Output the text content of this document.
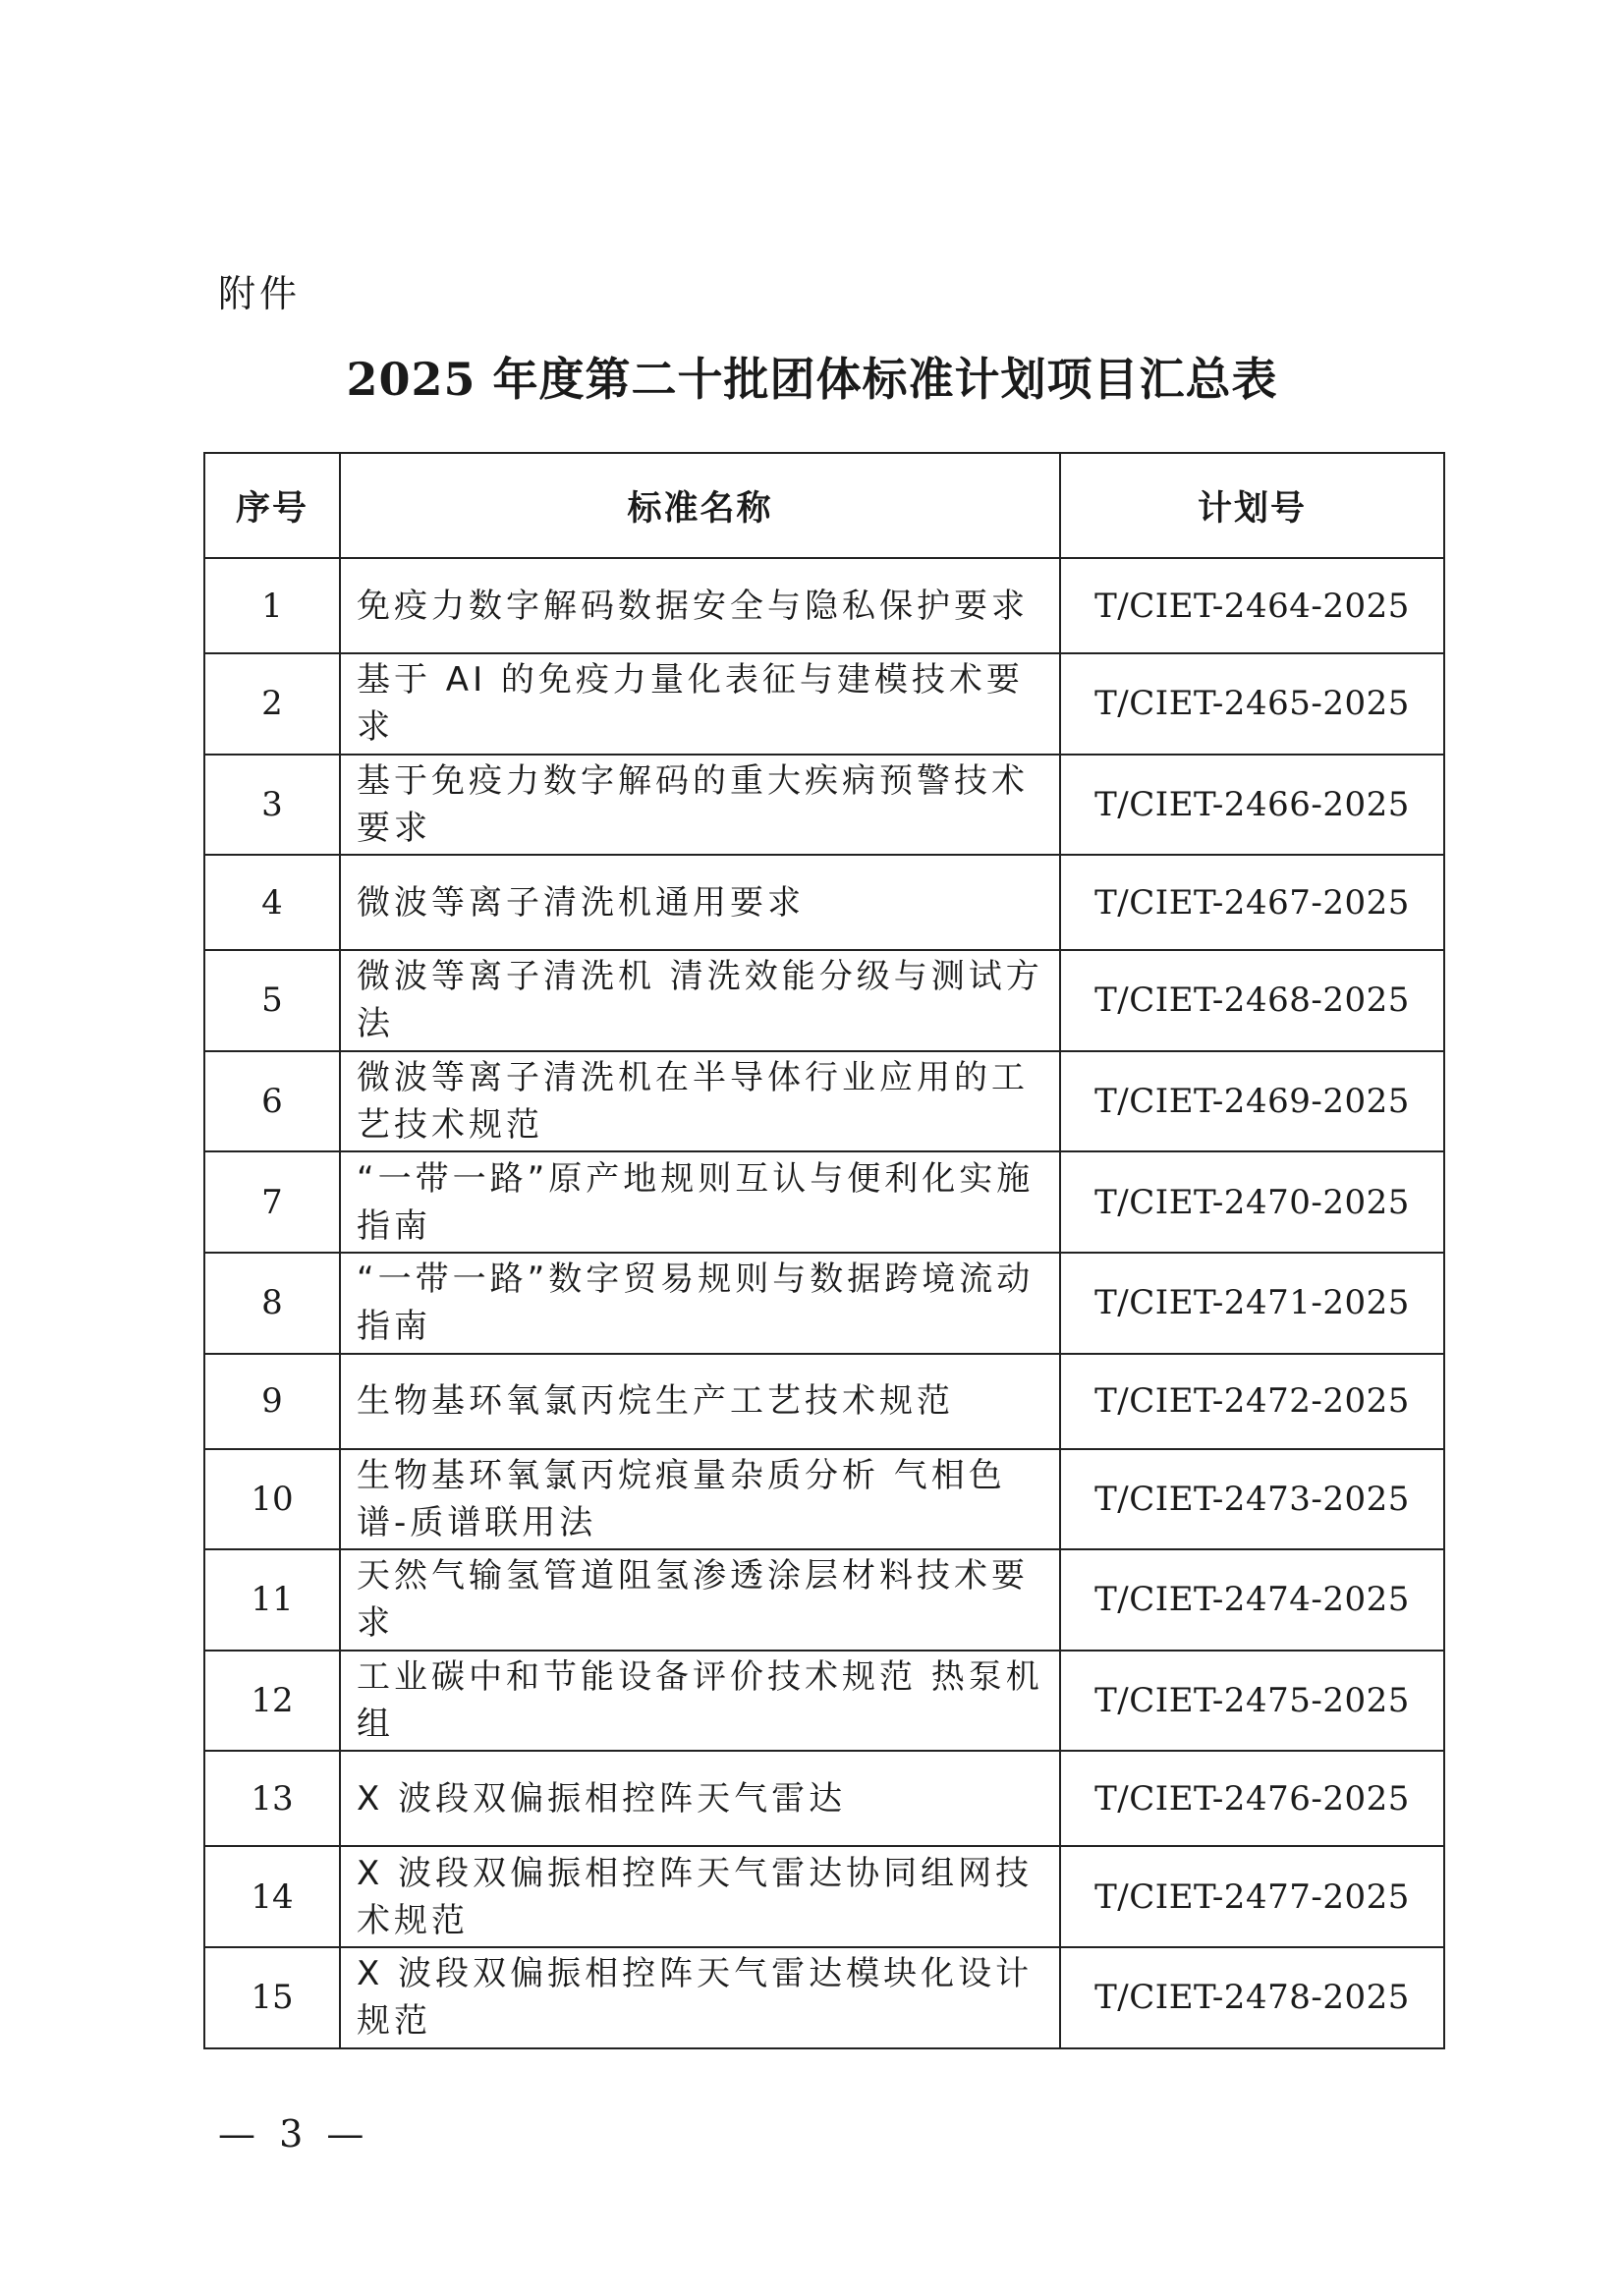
附件
2025 年度第二十批团体标准计划项目汇总表
序号	标准名称	计划号
1	免疫力数字解码数据安全与隐私保护要求	T/CIET-2464-2025
2	基于 AI 的免疫力量化表征与建模技术要求	T/CIET-2465-2025
3	基于免疫力数字解码的重大疾病预警技术要求	T/CIET-2466-2025
4	微波等离子清洗机通用要求	T/CIET-2467-2025
5	微波等离子清洗机 清洗效能分级与测试方法	T/CIET-2468-2025
6	微波等离子清洗机在半导体行业应用的工艺技术规范	T/CIET-2469-2025
7	“一带一路”原产地规则互认与便利化实施指南	T/CIET-2470-2025
8	“一带一路”数字贸易规则与数据跨境流动指南	T/CIET-2471-2025
9	生物基环氧氯丙烷生产工艺技术规范	T/CIET-2472-2025
10	生物基环氧氯丙烷痕量杂质分析 气相色谱-质谱联用法	T/CIET-2473-2025
11	天然气输氢管道阻氢渗透涂层材料技术要求	T/CIET-2474-2025
12	工业碳中和节能设备评价技术规范 热泵机组	T/CIET-2475-2025
13	X 波段双偏振相控阵天气雷达	T/CIET-2476-2025
14	X 波段双偏振相控阵天气雷达协同组网技术规范	T/CIET-2477-2025
15	X 波段双偏振相控阵天气雷达模块化设计规范	T/CIET-2478-2025
— 3 —
